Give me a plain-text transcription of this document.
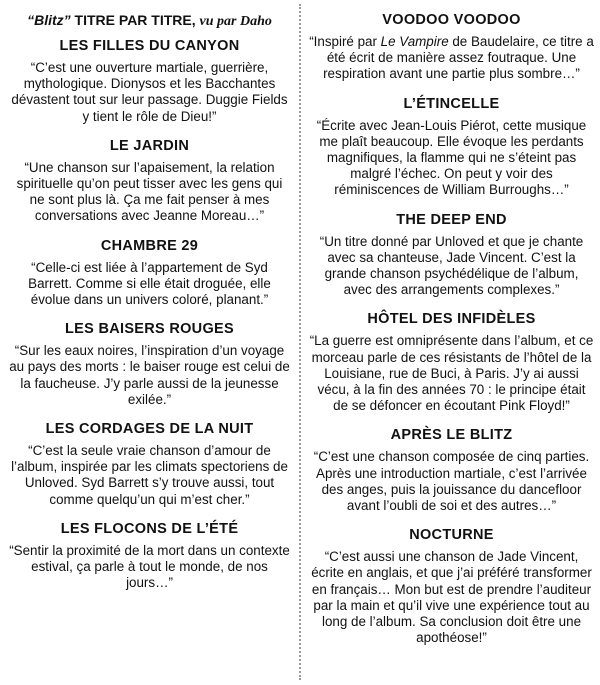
“Blitz” TITRE PAR TITRE, vu par Daho
LES FILLES DU CANYON
“C’est une ouverture martiale, guerrière, mythologique. Dionysos et les Bacchantes dévastent tout sur leur passage. Duggie Fields y tient le rôle de Dieu!”
LE JARDIN
“Une chanson sur l’apaisement, la relation spirituelle qu’on peut tisser avec les gens qui ne sont plus là. Ça me fait penser à mes conversations avec Jeanne Moreau…”
CHAMBRE 29
“Celle-ci est liée à l’appartement de Syd Barrett. Comme si elle était droguée, elle évolue dans un univers coloré, planant.”
LES BAISERS ROUGES
“Sur les eaux noires, l’inspiration d’un voyage au pays des morts : le baiser rouge est celui de la faucheuse. J’y parle aussi de la jeunesse exilée.”
LES CORDAGES DE LA NUIT
“C’est la seule vraie chanson d’amour de l’album, inspirée par les climats spectoriens de Unloved. Syd Barrett s’y trouve aussi, tout comme quelqu’un qui m’est cher.”
LES FLOCONS DE L’ÉTÉ
“Sentir la proximité de la mort dans un contexte estival, ça parle à tout le monde, de nos jours…”
VOODOO VOODOO
“Inspiré par Le Vampire de Baudelaire, ce titre a été écrit de manière assez foutraque. Une respiration avant une partie plus sombre…”
L’ÉTINCELLE
“Écrite avec Jean-Louis Piérot, cette musique me plaît beaucoup. Elle évoque les perdants magnifiques, la flamme qui ne s’éteint pas malgré l’échec. On peut y voir des réminiscences de William Burroughs…”
THE DEEP END
“Un titre donné par Unloved et que je chante avec sa chanteuse, Jade Vincent. C’est la grande chanson psychédélique de l’album, avec des arrangements complexes.”
HÔTEL DES INFIDÈLES
“La guerre est omniprésente dans l’album, et ce morceau parle de ces résistants de l’hôtel de la Louisiane, rue de Buci, à Paris. J’y ai aussi vécu, à la fin des années 70 : le principe était de se défoncer en écoutant Pink Floyd!”
APRÈS LE BLITZ
“C’est une chanson composée de cinq parties. Après une introduction martiale, c’est l’arrivée des anges, puis la jouissance du dancefloor avant l’oubli de soi et des autres…”
NOCTURNE
“C’est aussi une chanson de Jade Vincent, écrite en anglais, et que j’ai préféré transformer en français… Mon but est de prendre l’auditeur par la main et qu’il vive une expérience tout au long de l’album. Sa conclusion doit être une apothéose!”
